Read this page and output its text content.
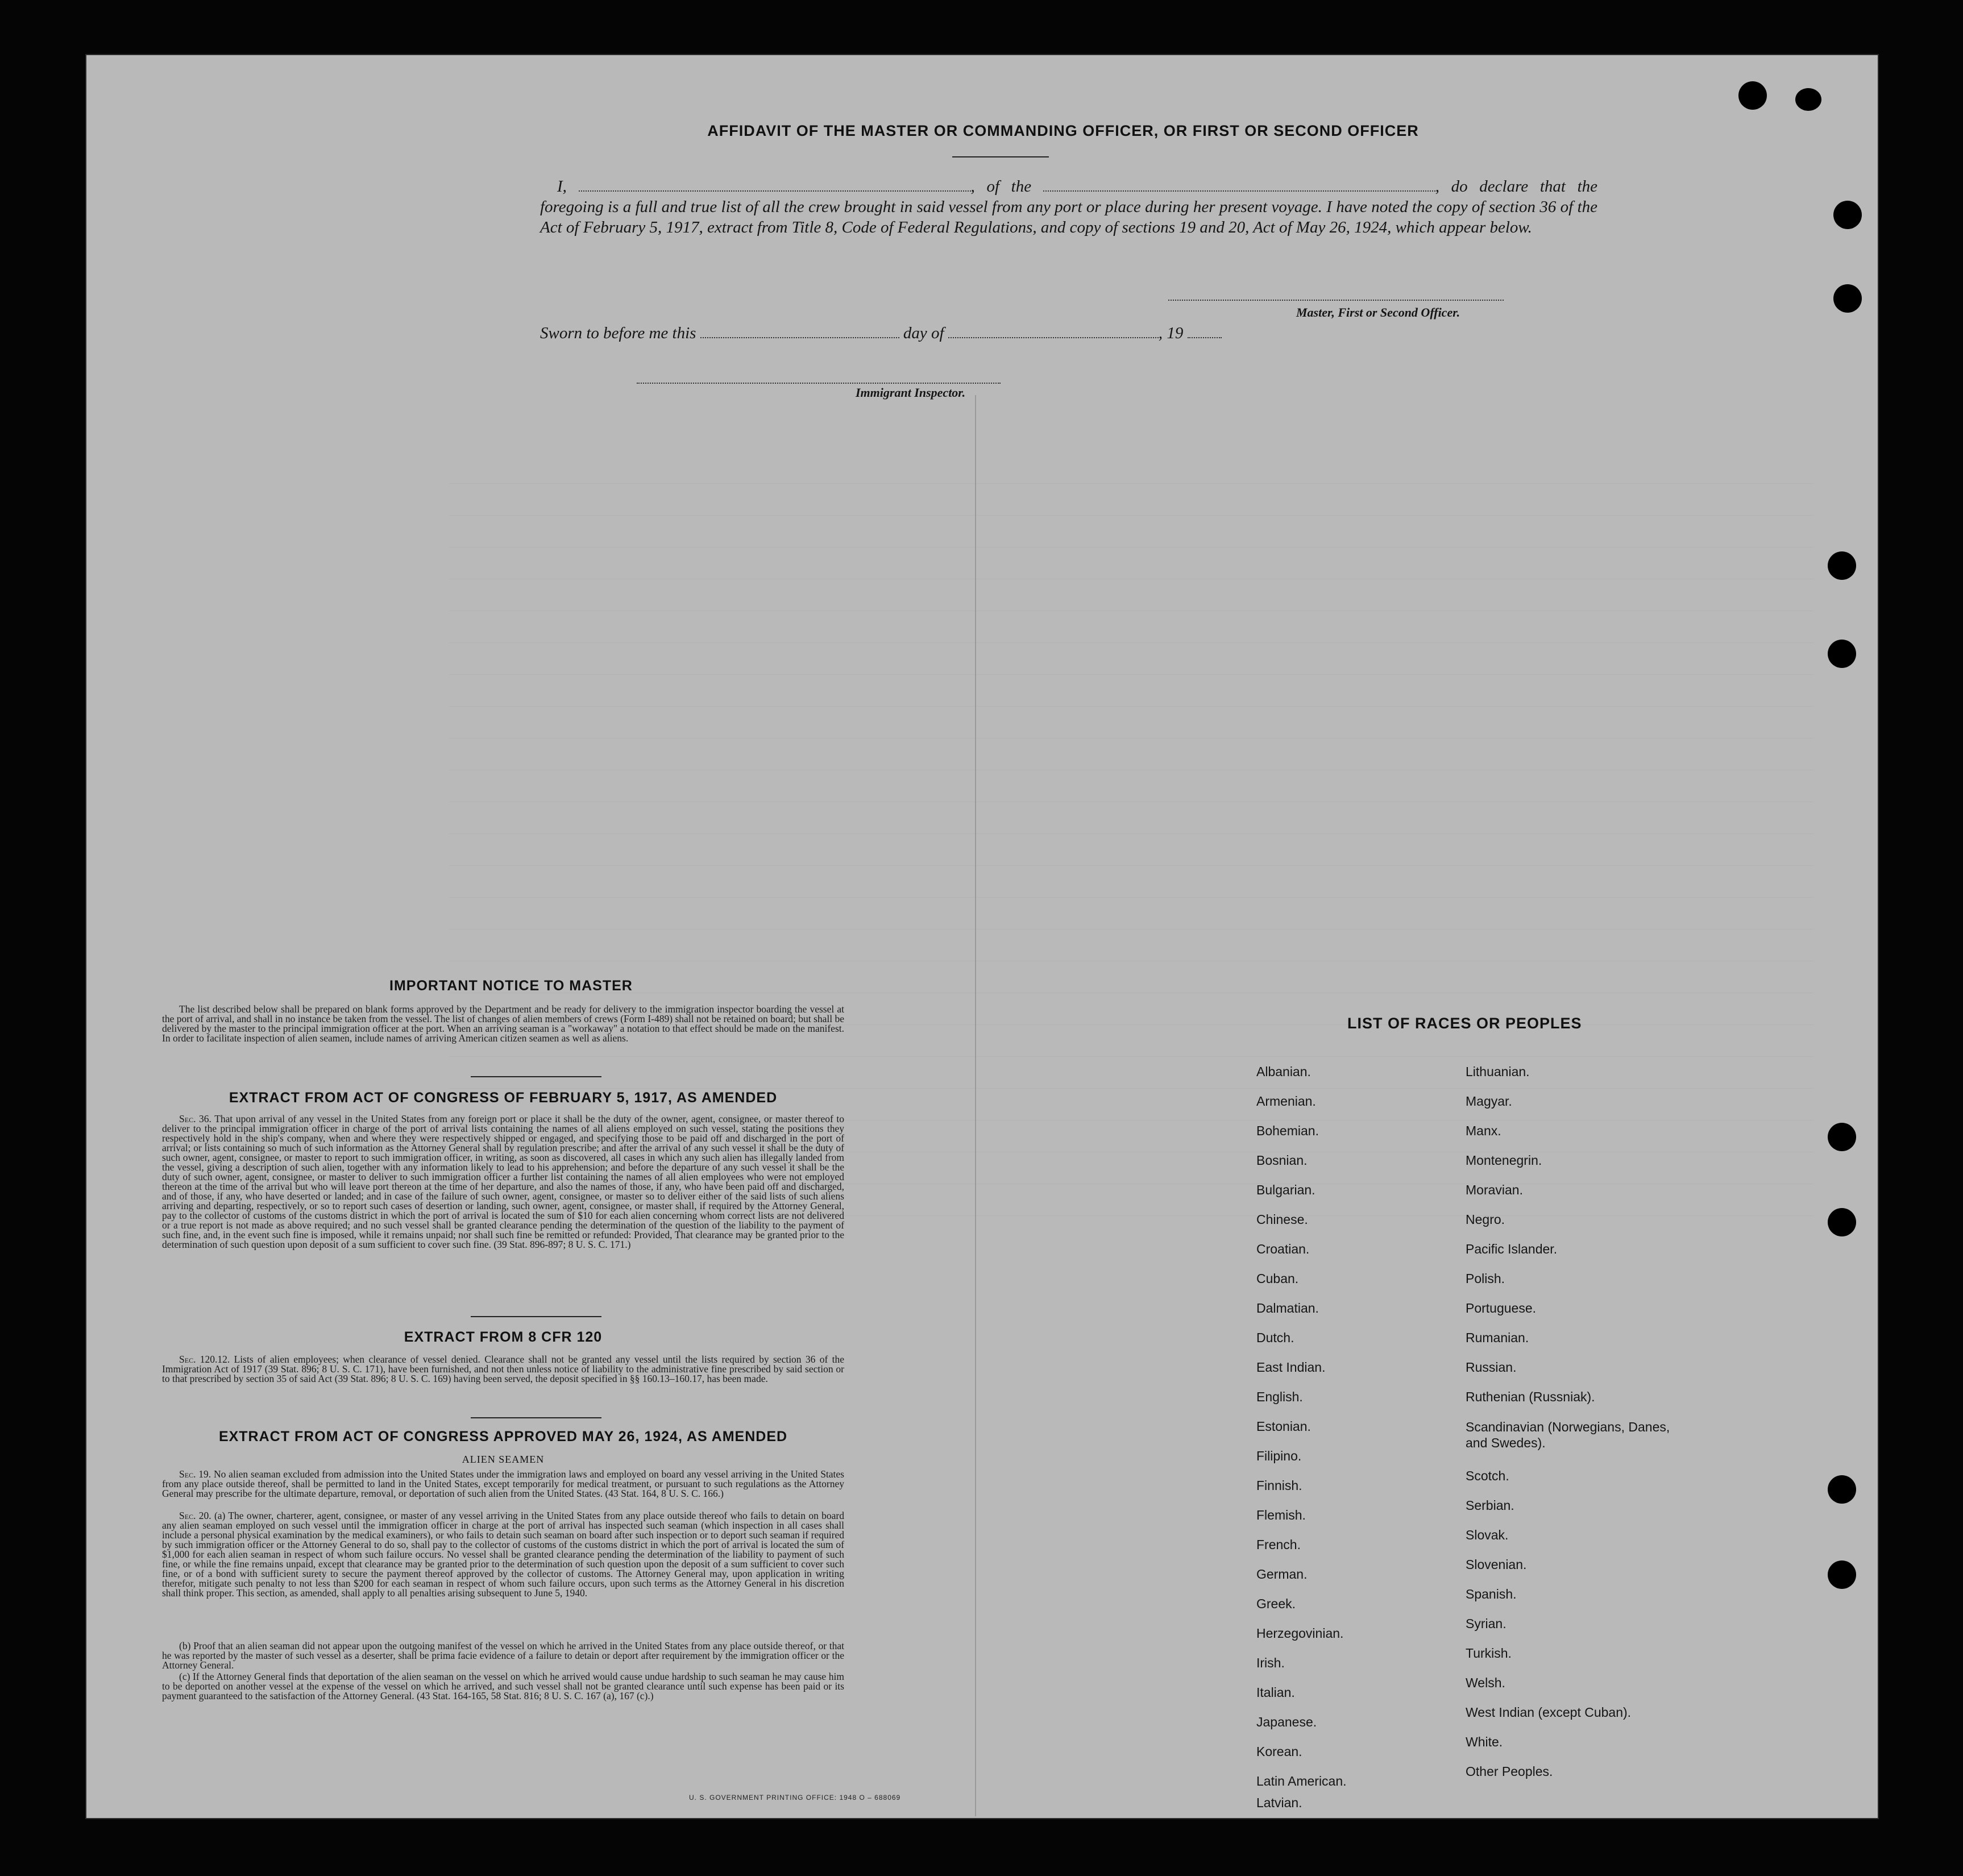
AFFIDAVIT OF THE MASTER OR COMMANDING OFFICER, OR FIRST OR SECOND OFFICER
I,	, of the	, do declare that the foregoing is a full and true list of all the crew brought in said vessel from any port or place during her present voyage. I have noted the copy of section 36 of the Act of February 5, 1917, extract from Title 8, Code of Federal Regulations, and copy of sections 19 and 20, Act of May 26, 1924, which appear below.
Master, First or Second Officer.
Sworn to before me this	day of	, 19
Immigrant Inspector.
IMPORTANT NOTICE TO MASTER
The list described below shall be prepared on blank forms approved by the Department and be ready for delivery to the immigration inspector boarding the vessel at the port of arrival, and shall in no instance be taken from the vessel. The list of changes of alien members of crews (Form I-489) shall not be retained on board; but shall be delivered by the master to the principal immigration officer at the port. When an arriving seaman is a "workaway" a notation to that effect should be made on the manifest. In order to facilitate inspection of alien seamen, include names of arriving American citizen seamen as well as aliens.
EXTRACT FROM ACT OF CONGRESS OF FEBRUARY 5, 1917, AS AMENDED
Sec. 36. That upon arrival of any vessel in the United States from any foreign port or place it shall be the duty of the owner, agent, consignee, or master thereof to deliver to the principal immigration officer in charge of the port of arrival lists containing the names of all aliens employed on such vessel, stating the positions they respectively hold in the ship's company, when and where they were respectively shipped or engaged, and specifying those to be paid off and discharged in the port of arrival; or lists containing so much of such information as the Attorney General shall by regulation prescribe; and after the arrival of any such vessel it shall be the duty of such owner, agent, consignee, or master to report to such immigration officer, in writing, as soon as discovered, all cases in which any such alien has illegally landed from the vessel, giving a description of such alien, together with any information likely to lead to his apprehension; and before the departure of any such vessel it shall be the duty of such owner, agent, consignee, or master to deliver to such immigration officer a further list containing the names of all alien employees who were not employed thereon at the time of the arrival but who will leave port thereon at the time of her departure, and also the names of those, if any, who have been paid off and discharged, and of those, if any, who have deserted or landed; and in case of the failure of such owner, agent, consignee, or master so to deliver either of the said lists of such aliens arriving and departing, respectively, or so to report such cases of desertion or landing, such owner, agent, consignee, or master shall, if required by the Attorney General, pay to the collector of customs of the customs district in which the port of arrival is located the sum of $10 for each alien concerning whom correct lists are not delivered or a true report is not made as above required; and no such vessel shall be granted clearance pending the determination of the question of the liability to the payment of such fine, and, in the event such fine is imposed, while it remains unpaid; nor shall such fine be remitted or refunded: Provided, That clearance may be granted prior to the determination of such question upon deposit of a sum sufficient to cover such fine. (39 Stat. 896-897; 8 U. S. C. 171.)
EXTRACT FROM 8 CFR 120
Sec. 120.12. Lists of alien employees; when clearance of vessel denied. Clearance shall not be granted any vessel until the lists required by section 36 of the Immigration Act of 1917 (39 Stat. 896; 8 U. S. C. 171), have been furnished, and not then unless notice of liability to the administrative fine prescribed by said section or to that prescribed by section 35 of said Act (39 Stat. 896; 8 U. S. C. 169) having been served, the deposit specified in §§ 160.13–160.17, has been made.
EXTRACT FROM ACT OF CONGRESS APPROVED MAY 26, 1924, AS AMENDED
ALIEN SEAMEN
Sec. 19. No alien seaman excluded from admission into the United States under the immigration laws and employed on board any vessel arriving in the United States from any place outside thereof, shall be permitted to land in the United States, except temporarily for medical treatment, or pursuant to such regulations as the Attorney General may prescribe for the ultimate departure, removal, or deportation of such alien from the United States. (43 Stat. 164, 8 U. S. C. 166.)
Sec. 20. (a) The owner, charterer, agent, consignee, or master of any vessel arriving in the United States from any place outside thereof who fails to detain on board any alien seaman employed on such vessel until the immigration officer in charge at the port of arrival has inspected such seaman (which inspection in all cases shall include a personal physical examination by the medical examiners), or who fails to detain such seaman on board after such inspection or to deport such seaman if required by such immigration officer or the Attorney General to do so, shall pay to the collector of customs of the customs district in which the port of arrival is located the sum of $1,000 for each alien seaman in respect of whom such failure occurs. No vessel shall be granted clearance pending the determination of the liability to payment of such fine, or while the fine remains unpaid, except that clearance may be granted prior to the determination of such question upon the deposit of a sum sufficient to cover such fine, or of a bond with sufficient surety to secure the payment thereof approved by the collector of customs. The Attorney General may, upon application in writing therefor, mitigate such penalty to not less than $200 for each seaman in respect of whom such failure occurs, upon such terms as the Attorney General in his discretion shall think proper. This section, as amended, shall apply to all penalties arising subsequent to June 5, 1940.
(b) Proof that an alien seaman did not appear upon the outgoing manifest of the vessel on which he arrived in the United States from any place outside thereof, or that he was reported by the master of such vessel as a deserter, shall be prima facie evidence of a failure to detain or deport after requirement by the immigration officer or the Attorney General.
(c) If the Attorney General finds that deportation of the alien seaman on the vessel on which he arrived would cause undue hardship to such seaman he may cause him to be deported on another vessel at the expense of the vessel on which he arrived, and such vessel shall not be granted clearance until such expense has been paid or its payment guaranteed to the satisfaction of the Attorney General. (43 Stat. 164-165, 58 Stat. 816; 8 U. S. C. 167 (a), 167 (c).)
U. S. GOVERNMENT PRINTING OFFICE: 1948 O – 688069
LIST OF RACES OR PEOPLES
Albanian.
Armenian.
Bohemian.
Bosnian.
Bulgarian.
Chinese.
Croatian.
Cuban.
Dalmatian.
Dutch.
East Indian.
English.
Estonian.
Filipino.
Finnish.
Flemish.
French.
German.
Greek.
Herzegovinian.
Irish.
Italian.
Japanese.
Korean.
Latin American.
Latvian.
Lithuanian.
Magyar.
Manx.
Montenegrin.
Moravian.
Negro.
Pacific Islander.
Polish.
Portuguese.
Rumanian.
Russian.
Ruthenian (Russniak).
Scandinavian (Norwegians, Danes, and Swedes).
Scotch.
Serbian.
Slovak.
Slovenian.
Spanish.
Syrian.
Turkish.
Welsh.
West Indian (except Cuban).
White.
Other Peoples.
